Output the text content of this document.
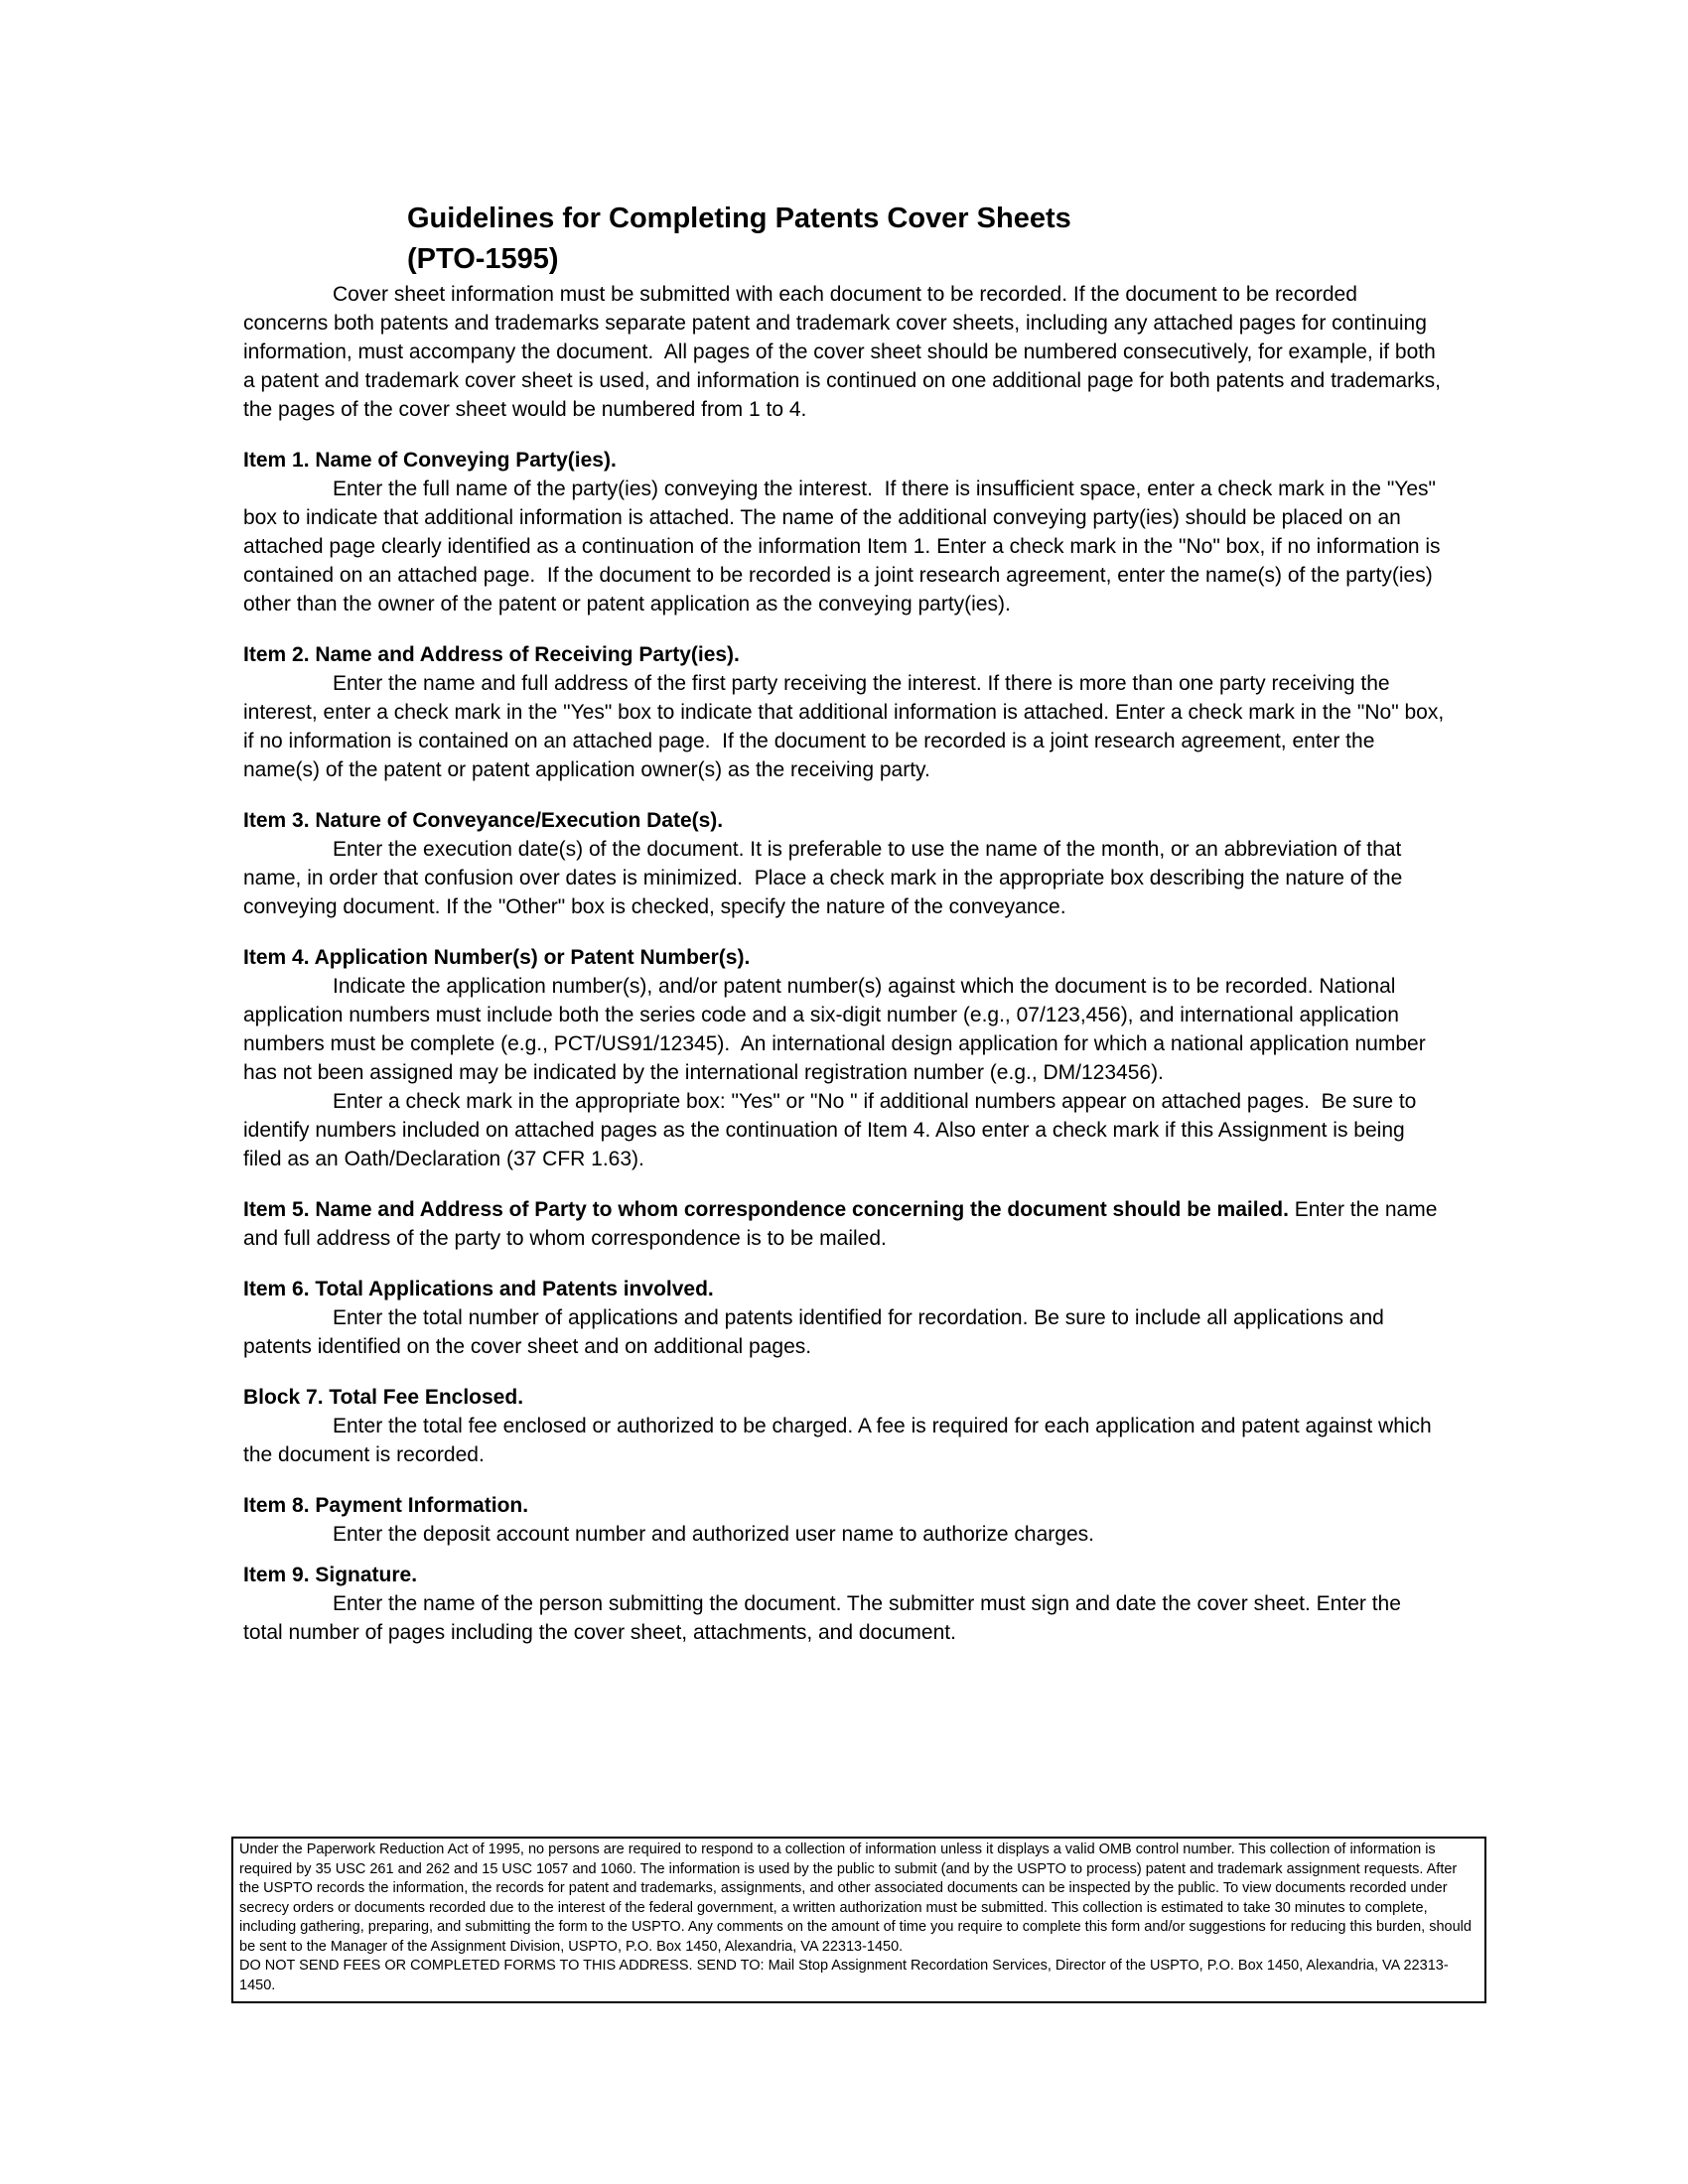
Guidelines for Completing Patents Cover Sheets
(PTO-1595)

Cover sheet information must be submitted with each document to be recorded. If the document to be recorded concerns both patents and trademarks separate patent and trademark cover sheets, including any attached pages for continuing information, must accompany the document.  All pages of the cover sheet should be numbered consecutively, for example, if both a patent and trademark cover sheet is used, and information is continued on one additional page for both patents and trademarks, the pages of the cover sheet would be numbered from 1 to 4.

Item 1. Name of Conveying Party(ies).

Enter the full name of the party(ies) conveying the interest.  If there is insufficient space, enter a check mark in the "Yes" box to indicate that additional information is attached. The name of the additional conveying party(ies) should be placed on an attached page clearly identified as a continuation of the information Item 1. Enter a check mark in the "No" box, if no information is contained on an attached page.  If the document to be recorded is a joint research agreement, enter the name(s) of the party(ies) other than the owner of the patent or patent application as the conveying party(ies).

Item 2. Name and Address of Receiving Party(ies).

Enter the name and full address of the first party receiving the interest. If there is more than one party receiving the interest, enter a check mark in the "Yes" box to indicate that additional information is attached. Enter a check mark in the "No" box, if no information is contained on an attached page.  If the document to be recorded is a joint research agreement, enter the name(s) of the patent or patent application owner(s) as the receiving party.

Item 3. Nature of Conveyance/Execution Date(s).

Enter the execution date(s) of the document. It is preferable to use the name of the month, or an abbreviation of that name, in order that confusion over dates is minimized.  Place a check mark in the appropriate box describing the nature of the conveying document. If the "Other" box is checked, specify the nature of the conveyance.

Item 4. Application Number(s) or Patent Number(s).

Indicate the application number(s), and/or patent number(s) against which the document is to be recorded. National application numbers must include both the series code and a six-digit number (e.g., 07/123,456), and international application numbers must be complete (e.g., PCT/US91/12345).  An international design application for which a national application number has not been assigned may be indicated by the international registration number (e.g., DM/123456).

Enter a check mark in the appropriate box: "Yes" or "No " if additional numbers appear on attached pages.  Be sure to identify numbers included on attached pages as the continuation of Item 4. Also enter a check mark if this Assignment is being filed as an Oath/Declaration (37 CFR 1.63).

Item 5. Name and Address of Party to whom correspondence concerning the document should be mailed. Enter the name and full address of the party to whom correspondence is to be mailed.

Item 6. Total Applications and Patents involved.

Enter the total number of applications and patents identified for recordation. Be sure to include all applications and patents identified on the cover sheet and on additional pages.

Block 7. Total Fee Enclosed.

Enter the total fee enclosed or authorized to be charged. A fee is required for each application and patent against which the document is recorded.

Item 8. Payment Information.

Enter the deposit account number and authorized user name to authorize charges.

Item 9. Signature.

Enter the name of the person submitting the document. The submitter must sign and date the cover sheet. Enter the total number of pages including the cover sheet, attachments, and document.

Under the Paperwork Reduction Act of 1995, no persons are required to respond to a collection of information unless it displays a valid OMB control number. This collection of information is required by 35 USC 261 and 262 and 15 USC 1057 and 1060. The information is used by the public to submit (and by the USPTO to process) patent and trademark assignment requests. After the USPTO records the information, the records for patent and trademarks, assignments, and other associated documents can be inspected by the public. To view documents recorded under secrecy orders or documents recorded due to the interest of the federal government, a written authorization must be submitted. This collection is estimated to take 30 minutes to complete, including gathering, preparing, and submitting the form to the USPTO. Any comments on the amount of time you require to complete this form and/or suggestions for reducing this burden, should be sent to the Manager of the Assignment Division, USPTO, P.O. Box 1450, Alexandria, VA 22313-1450.

DO NOT SEND FEES OR COMPLETED FORMS TO THIS ADDRESS. SEND TO: Mail Stop Assignment Recordation Services, Director of the USPTO, P.O. Box 1450, Alexandria, VA 22313-1450.
